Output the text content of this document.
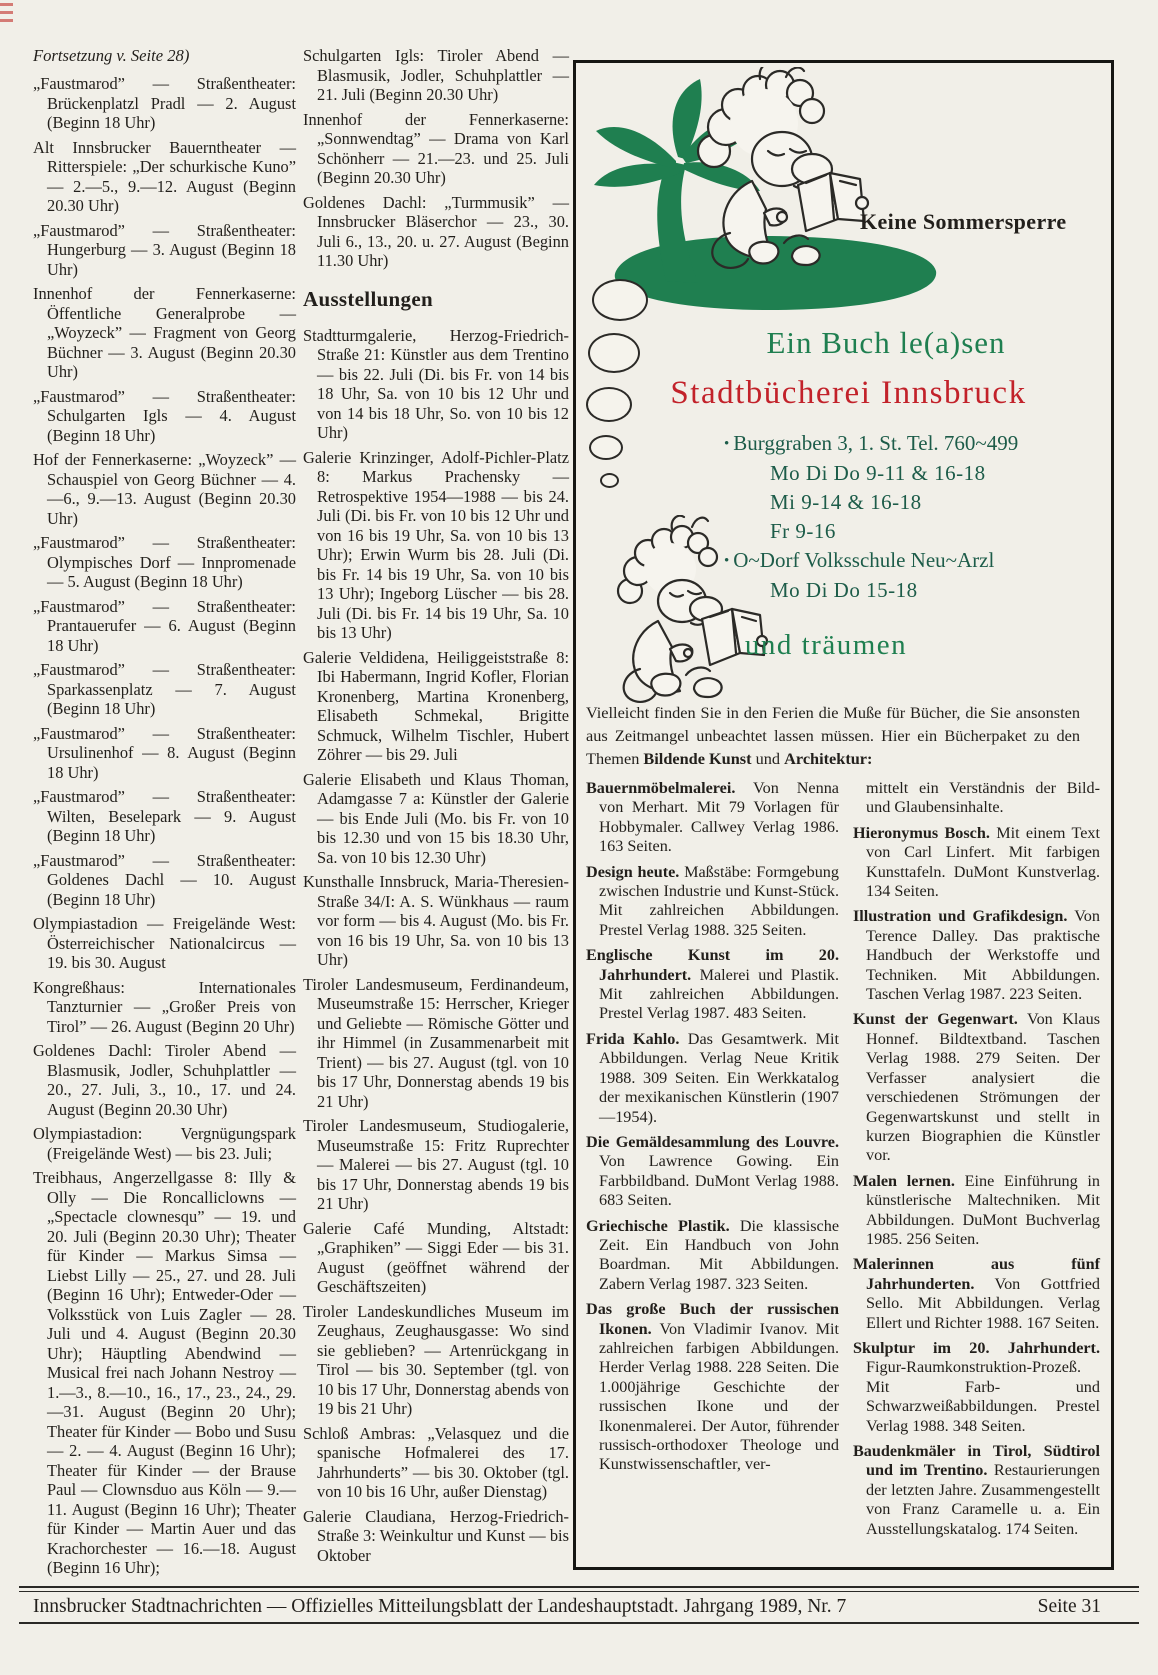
Fortsetzung v. Seite 28)

„Faustmarod” — Straßentheater: Brückenplatzl Pradl — 2. August (Beginn 18 Uhr)

Alt Innsbrucker Bauerntheater — Ritterspiele: „Der schurkische Kuno” — 2.—5., 9.—12. August (Beginn 20.30 Uhr)

„Faustmarod” — Straßentheater: Hungerburg — 3. August (Beginn 18 Uhr)

Innenhof der Fennerkaserne: Öffentliche Generalprobe — „Woyzeck” — Fragment von Georg Büchner — 3. August (Beginn 20.30 Uhr)

„Faustmarod” — Straßentheater: Schulgarten Igls — 4. August (Beginn 18 Uhr)

Hof der Fennerkaserne: „Woyzeck” — Schauspiel von Georg Büchner — 4.—6., 9.—13. August (Beginn 20.30 Uhr)

„Faustmarod” — Straßentheater: Olympisches Dorf — Innpromenade — 5. August (Beginn 18 Uhr)

„Faustmarod” — Straßentheater: Prantauerufer — 6. August (Beginn 18 Uhr)

„Faustmarod” — Straßentheater: Sparkassenplatz — 7. August (Beginn 18 Uhr)

„Faustmarod” — Straßentheater: Ursulinenhof — 8. August (Beginn 18 Uhr)

„Faustmarod” — Straßentheater: Wilten, Beselepark — 9. August (Beginn 18 Uhr)

„Faustmarod” — Straßentheater: Goldenes Dachl — 10. August (Beginn 18 Uhr)

Olympiastadion — Freigelände West: Österreichischer Nationalcircus — 19. bis 30. August

Kongreßhaus: Internationales Tanzturnier — „Großer Preis von Tirol” — 26. August (Beginn 20 Uhr)

Goldenes Dachl: Tiroler Abend — Blasmusik, Jodler, Schuhplattler — 20., 27. Juli, 3., 10., 17. und 24. August (Beginn 20.30 Uhr)

Olympiastadion: Vergnügungspark (Freigelände West) — bis 23. Juli;

Treibhaus, Angerzellgasse 8: Illy & Olly — Die Roncalliclowns — „Spectacle clownesqu” — 19. und 20. Juli (Beginn 20.30 Uhr); Theater für Kinder — Markus Simsa — Liebst Lilly — 25., 27. und 28. Juli (Beginn 16 Uhr); Entweder-Oder — Volksstück von Luis Zagler — 28. Juli und 4. August (Beginn 20.30 Uhr); Häuptling Abendwind — Musical frei nach Johann Nestroy — 1.—3., 8.—10., 16., 17., 23., 24., 29.—31. August (Beginn 20 Uhr); Theater für Kinder — Bobo und Susu — 2. — 4. August (Beginn 16 Uhr); Theater für Kinder — der Brause Paul — Clownsduo aus Köln — 9.—11. August (Beginn 16 Uhr); Theater für Kinder — Martin Auer und das Krachorchester — 16.—18. August (Beginn 16 Uhr);

Schulgarten Igls: Tiroler Abend — Blasmusik, Jodler, Schuhplattler — 21. Juli (Beginn 20.30 Uhr)

Innenhof der Fennerkaserne: „Sonnwendtag” — Drama von Karl Schönherr — 21.—23. und 25. Juli (Beginn 20.30 Uhr)

Goldenes Dachl: „Turmmusik” — Innsbrucker Bläserchor — 23., 30. Juli 6., 13., 20. u. 27. August (Beginn 11.30 Uhr)

Ausstellungen

Stadtturmgalerie, Herzog-Friedrich-Straße 21: Künstler aus dem Trentino — bis 22. Juli (Di. bis Fr. von 14 bis 18 Uhr, Sa. von 10 bis 12 Uhr und von 14 bis 18 Uhr, So. von 10 bis 12 Uhr)

Galerie Krinzinger, Adolf-Pichler-Platz 8: Markus Prachensky — Retrospektive 1954—1988 — bis 24. Juli (Di. bis Fr. von 10 bis 12 Uhr und von 16 bis 19 Uhr, Sa. von 10 bis 13 Uhr); Erwin Wurm bis 28. Juli (Di. bis Fr. 14 bis 19 Uhr, Sa. von 10 bis 13 Uhr); Ingeborg Lüscher — bis 28. Juli (Di. bis Fr. 14 bis 19 Uhr, Sa. 10 bis 13 Uhr)

Galerie Veldidena, Heiliggeiststraße 8: Ibi Habermann, Ingrid Kofler, Florian Kronenberg, Martina Kronenberg, Elisabeth Schmekal, Brigitte Schmuck, Wilhelm Tischler, Hubert Zöhrer — bis 29. Juli

Galerie Elisabeth und Klaus Thoman, Adamgasse 7 a: Künstler der Galerie — bis Ende Juli (Mo. bis Fr. von 10 bis 12.30 und von 15 bis 18.30 Uhr, Sa. von 10 bis 12.30 Uhr)

Kunsthalle Innsbruck, Maria-Theresien-Straße 34/I: A. S. Wünkhaus — raum vor form — bis 4. August (Mo. bis Fr. von 16 bis 19 Uhr, Sa. von 10 bis 13 Uhr)

Tiroler Landesmuseum, Ferdinandeum, Museumstraße 15: Herrscher, Krieger und Geliebte — Römische Götter und ihr Himmel (in Zusammenarbeit mit Trient) — bis 27. August (tgl. von 10 bis 17 Uhr, Donnerstag abends 19 bis 21 Uhr)

Tiroler Landesmuseum, Studiogalerie, Museumstraße 15: Fritz Ruprechter — Malerei — bis 27. August (tgl. 10 bis 17 Uhr, Donnerstag abends 19 bis 21 Uhr)

Galerie Café Munding, Altstadt: „Graphiken” — Siggi Eder — bis 31. August (geöffnet während der Geschäftszeiten)

Tiroler Landeskundliches Museum im Zeughaus, Zeughausgasse: Wo sind sie geblieben? — Artenrückgang in Tirol — bis 30. September (tgl. von 10 bis 17 Uhr, Donnerstag abends von 19 bis 21 Uhr)

Schloß Ambras: „Velasquez und die spanische Hofmalerei des 17. Jahrhunderts” — bis 30. Oktober (tgl. von 10 bis 16 Uhr, außer Dienstag)

Galerie Claudiana, Herzog-Friedrich-Straße 3: Weinkultur und Kunst — bis Oktober

Keine Sommersperre
Ein Buch le(a)sen
Stadtbücherei Innsbruck
• Burggraben 3, 1. St. Tel. 760~499
Mo Di Do 9-11 & 16-18
Mi 9-14 & 16-18
Fr 9-16
• O~Dorf Volksschule Neu~Arzl
Mo Di Do 15-18
und träumen

Vielleicht finden Sie in den Ferien die Muße für Bücher, die Sie ansonsten aus Zeitmangel unbeachtet lassen müssen. Hier ein Bücherpaket zu den Themen Bildende Kunst und Architektur:

Bauernmöbelmalerei. Von Nenna von Merhart. Mit 79 Vorlagen für Hobbymaler. Callwey Verlag 1986. 163 Seiten.

Design heute. Maßstäbe: Formgebung zwischen Industrie und Kunst-Stück. Mit zahlreichen Abbildungen. Prestel Verlag 1988. 325 Seiten.

Englische Kunst im 20. Jahrhundert. Malerei und Plastik. Mit zahlreichen Abbildungen. Prestel Verlag 1987. 483 Seiten.

Frida Kahlo. Das Gesamtwerk. Mit Abbildungen. Verlag Neue Kritik 1988. 309 Seiten. Ein Werkkatalog der mexikanischen Künstlerin (1907—1954).

Die Gemäldesammlung des Louvre. Von Lawrence Gowing. Ein Farbbildband. DuMont Verlag 1988. 683 Seiten.

Griechische Plastik. Die klassische Zeit. Ein Handbuch von John Boardman. Mit Abbildungen. Zabern Verlag 1987. 323 Seiten.

Das große Buch der russischen Ikonen. Von Vladimir Ivanov. Mit zahlreichen farbigen Abbildungen. Herder Verlag 1988. 228 Seiten. Die 1.000jährige Geschichte der russischen Ikone und der Ikonenmalerei. Der Autor, führender russisch-orthodoxer Theologe und Kunstwissenschaftler, ver-

mittelt ein Verständnis der Bild- und Glaubensinhalte.

Hieronymus Bosch. Mit einem Text von Carl Linfert. Mit farbigen Kunsttafeln. DuMont Kunstverlag. 134 Seiten.

Illustration und Grafikdesign. Von Terence Dalley. Das praktische Handbuch der Werkstoffe und Techniken. Mit Abbildungen. Taschen Verlag 1987. 223 Seiten.

Kunst der Gegenwart. Von Klaus Honnef. Bildtextband. Taschen Verlag 1988. 279 Seiten. Der Verfasser analysiert die verschiedenen Strömungen der Gegenwartskunst und stellt in kurzen Biographien die Künstler vor.

Malen lernen. Eine Einführung in künstlerische Maltechniken. Mit Abbildungen. DuMont Buchverlag 1985. 256 Seiten.

Malerinnen aus fünf Jahrhunderten. Von Gottfried Sello. Mit Abbildungen. Verlag Ellert und Richter 1988. 167 Seiten.

Skulptur im 20. Jahrhundert. Figur-Raumkonstruktion-Prozeß. Mit Farb- und Schwarzweißabbildungen. Prestel Verlag 1988. 348 Seiten.

Baudenkmäler in Tirol, Südtirol und im Trentino. Restaurierungen der letzten Jahre. Zusammengestellt von Franz Caramelle u. a. Ein Ausstellungskatalog. 174 Seiten.

Innsbrucker Stadtnachrichten — Offizielles Mitteilungsblatt der Landeshauptstadt. Jahrgang 1989, Nr. 7	Seite 31
